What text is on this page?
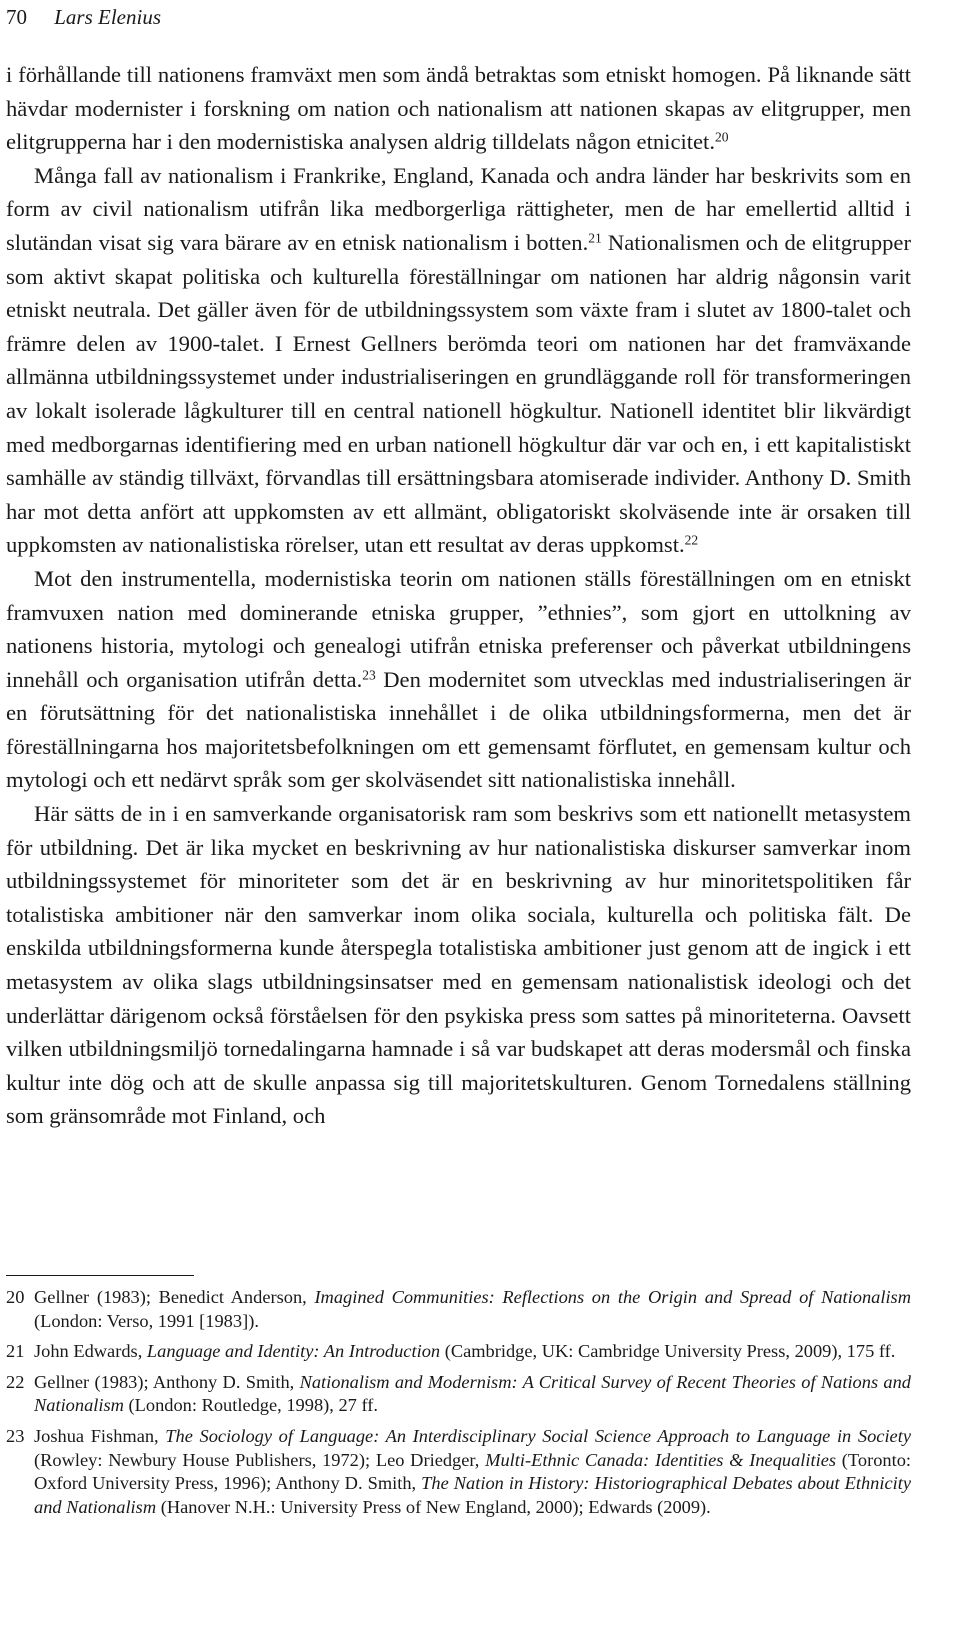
70 Lars Elenius

i förhållande till nationens framväxt men som ändå betraktas som etniskt homogen. På liknande sätt hävdar modernister i forskning om nation och nationalism att nationen skapas av elitgrupper, men elitgrupperna har i den modernistiska analysen aldrig tilldelats någon etnicitet.$^{20}$

Många fall av nationalism i Frankrike, England, Kanada och andra länder har beskrivits som en form av civil nationalism utifrån lika medborgerliga rättigheter, men de har emellertid alltid i slutändan visat sig vara bärare av en etnisk nationalism i botten.$^{21}$ Nationalismen och de elitgrupper som aktivt skapat politiska och kulturella föreställningar om nationen har aldrig någonsin varit etniskt neutrala. Det gäller även för de utbildningssystem som växte fram i slutet av 1800-talet och främre delen av 1900-talet. I Ernest Gellners berömda teori om nationen har det framväxande allmänna utbildningssystemet under industrialiseringen en grundläggande roll för transformeringen av lokalt isolerade lågkulturer till en central nationell högkultur. Nationell identitet blir likvärdigt med medborgarnas identifiering med en urban nationell högkultur där var och en, i ett kapitalistiskt samhälle av ständig tillväxt, förvandlas till ersättningsbara atomiserade individer. Anthony D. Smith har mot detta anfört att uppkomsten av ett allmänt, obligatoriskt skolväsende inte är orsaken till uppkomsten av nationalistiska rörelser, utan ett resultat av deras uppkomst.$^{22}$

Mot den instrumentella, modernistiska teorin om nationen ställs föreställningen om en etniskt framvuxen nation med dominerande etniska grupper, ”ethnies”, som gjort en uttolkning av nationens historia, mytologi och genealogi utifrån etniska preferenser och påverkat utbildningens innehåll och organisation utifrån detta.$^{23}$ Den modernitet som utvecklas med industrialiseringen är en förutsättning för det nationalistiska innehållet i de olika utbildningsformerna, men det är föreställningarna hos majoritetsbefolkningen om ett gemensamt förflutet, en gemensam kultur och mytologi och ett nedärvt språk som ger skolväsendet sitt nationalistiska innehåll.

Här sätts de in i en samverkande organisatorisk ram som beskrivs som ett nationellt metasystem för utbildning. Det är lika mycket en beskrivning av hur nationalistiska diskurser samverkar inom utbildningssystemet för minoriteter som det är en beskrivning av hur minoritetspolitiken får totalistiska ambitioner när den samverkar inom olika sociala, kulturella och politiska fält. De enskilda utbildningsformerna kunde återspegla totalistiska ambitioner just genom att de ingick i ett metasystem av olika slags utbildningsinsatser med en gemensam nationalistisk ideologi och det underlättar därigenom också förståelsen för den psykiska press som sattes på minoriteterna. Oavsett vilken utbildningsmiljö tornedalingarna hamnade i så var budskapet att deras modersmål och finska kultur inte dög och att de skulle anpassa sig till majoritetskulturen. Genom Tornedalens ställning som gränsområde mot Finland, och

20 Gellner (1983); Benedict Anderson, Imagined Communities: Reflections on the Origin and Spread of Nationalism (London: Verso, 1991 [1983]).
21 John Edwards, Language and Identity: An Introduction (Cambridge, UK: Cambridge University Press, 2009), 175 ff.
22 Gellner (1983); Anthony D. Smith, Nationalism and Modernism: A Critical Survey of Recent Theories of Nations and Nationalism (London: Routledge, 1998), 27 ff.
23 Joshua Fishman, The Sociology of Language: An Interdisciplinary Social Science Approach to Language in Society (Rowley: Newbury House Publishers, 1972); Leo Driedger, Multi-Ethnic Canada: Identities & Inequalities (Toronto: Oxford University Press, 1996); Anthony D. Smith, The Nation in History: Historiographical Debates about Ethnicity and Nationalism (Hanover N.H.: University Press of New England, 2000); Edwards (2009).
